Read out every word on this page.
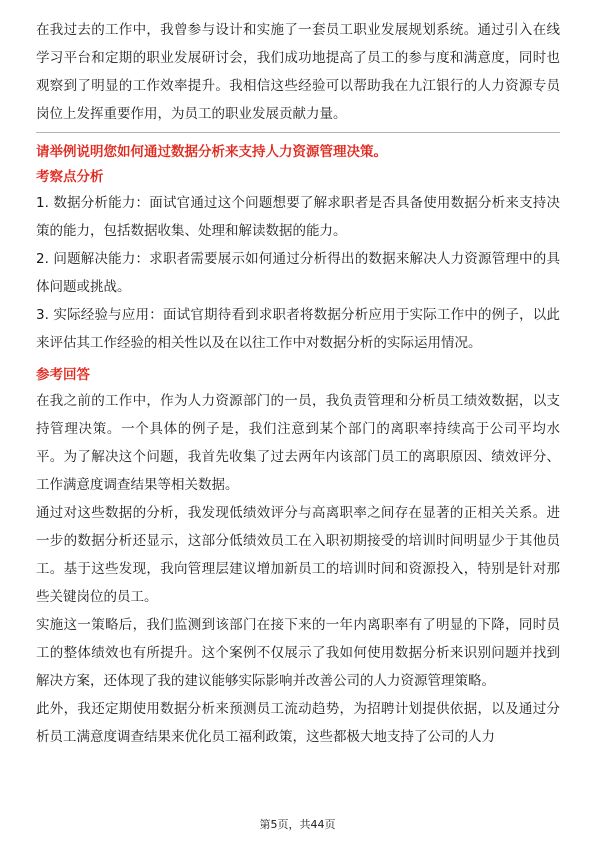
在我过去的工作中，我曾参与设计和实施了一套员工职业发展规划系统。通过引入在线学习平台和定期的职业发展研讨会，我们成功地提高了员工的参与度和满意度，同时也观察到了明显的工作效率提升。我相信这些经验可以帮助我在九江银行的人力资源专员岗位上发挥重要作用，为员工的职业发展贡献力量。

请举例说明您如何通过数据分析来支持人力资源管理决策。

考察点分析

1. 数据分析能力：面试官通过这个问题想要了解求职者是否具备使用数据分析来支持决策的能力，包括数据收集、处理和解读数据的能力。

2. 问题解决能力：求职者需要展示如何通过分析得出的数据来解决人力资源管理中的具体问题或挑战。

3. 实际经验与应用：面试官期待看到求职者将数据分析应用于实际工作中的例子，以此来评估其工作经验的相关性以及在以往工作中对数据分析的实际运用情况。

参考回答

在我之前的工作中，作为人力资源部门的一员，我负责管理和分析员工绩效数据，以支持管理决策。一个具体的例子是，我们注意到某个部门的离职率持续高于公司平均水平。为了解决这个问题，我首先收集了过去两年内该部门员工的离职原因、绩效评分、工作满意度调查结果等相关数据。

通过对这些数据的分析，我发现低绩效评分与高离职率之间存在显著的正相关关系。进一步的数据分析还显示，这部分低绩效员工在入职初期接受的培训时间明显少于其他员工。基于这些发现，我向管理层建议增加新员工的培训时间和资源投入，特别是针对那些关键岗位的员工。

实施这一策略后，我们监测到该部门在接下来的一年内离职率有了明显的下降，同时员工的整体绩效也有所提升。这个案例不仅展示了我如何使用数据分析来识别问题并找到解决方案，还体现了我的建议能够实际影响并改善公司的人力资源管理策略。

此外，我还定期使用数据分析来预测员工流动趋势，为招聘计划提供依据，以及通过分析员工满意度调查结果来优化员工福利政策，这些都极大地支持了公司的人力

第5页，共44页
